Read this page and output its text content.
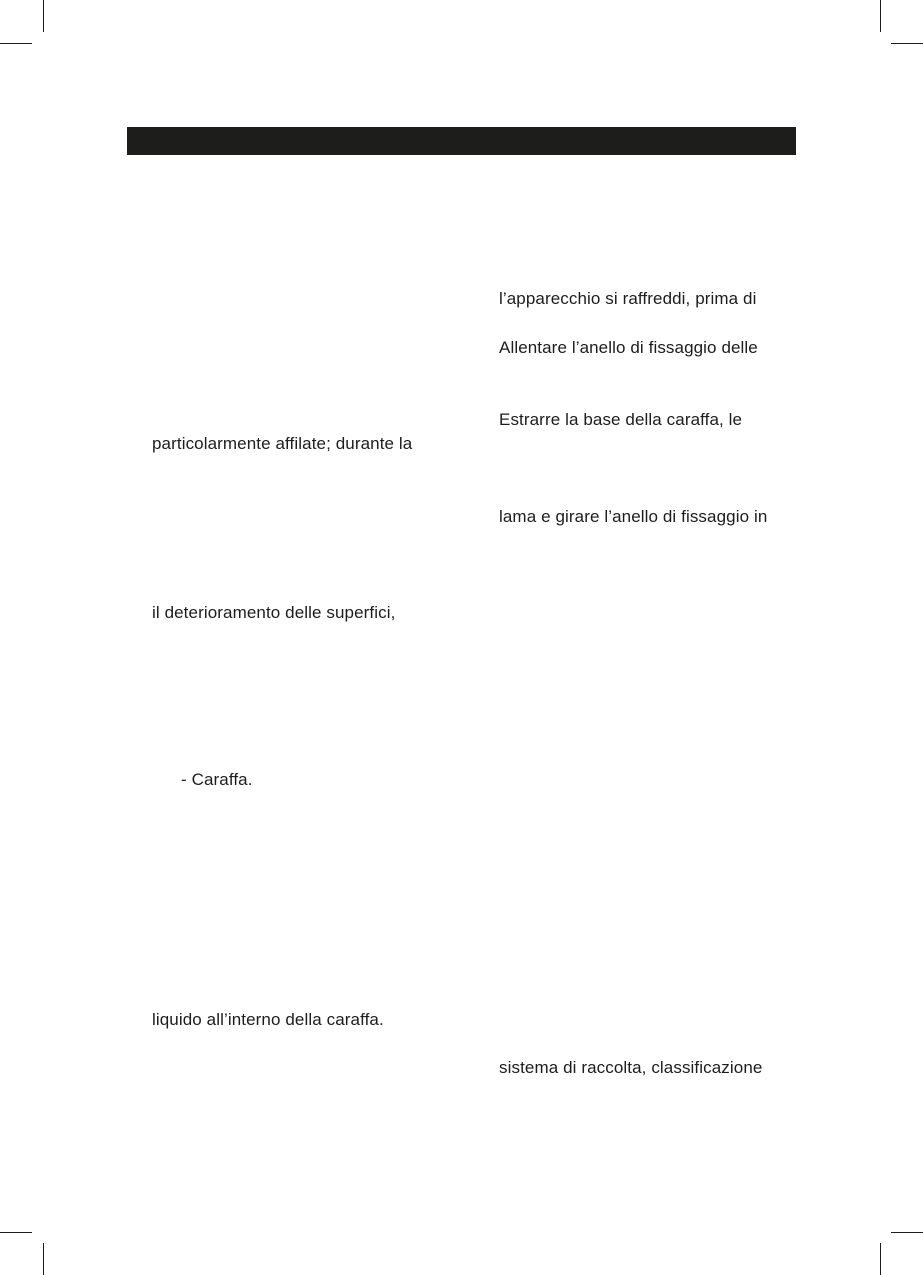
particolarmente affilate; durante la
il deterioramento delle superfici,
- Caraffa.
liquido all’interno della caraffa.
l’apparecchio si raffreddi, prima di
Allentare l’anello di fissaggio delle
Estrarre la base della caraffa, le
lama e girare l’anello di fissaggio in
sistema di raccolta, classificazione
